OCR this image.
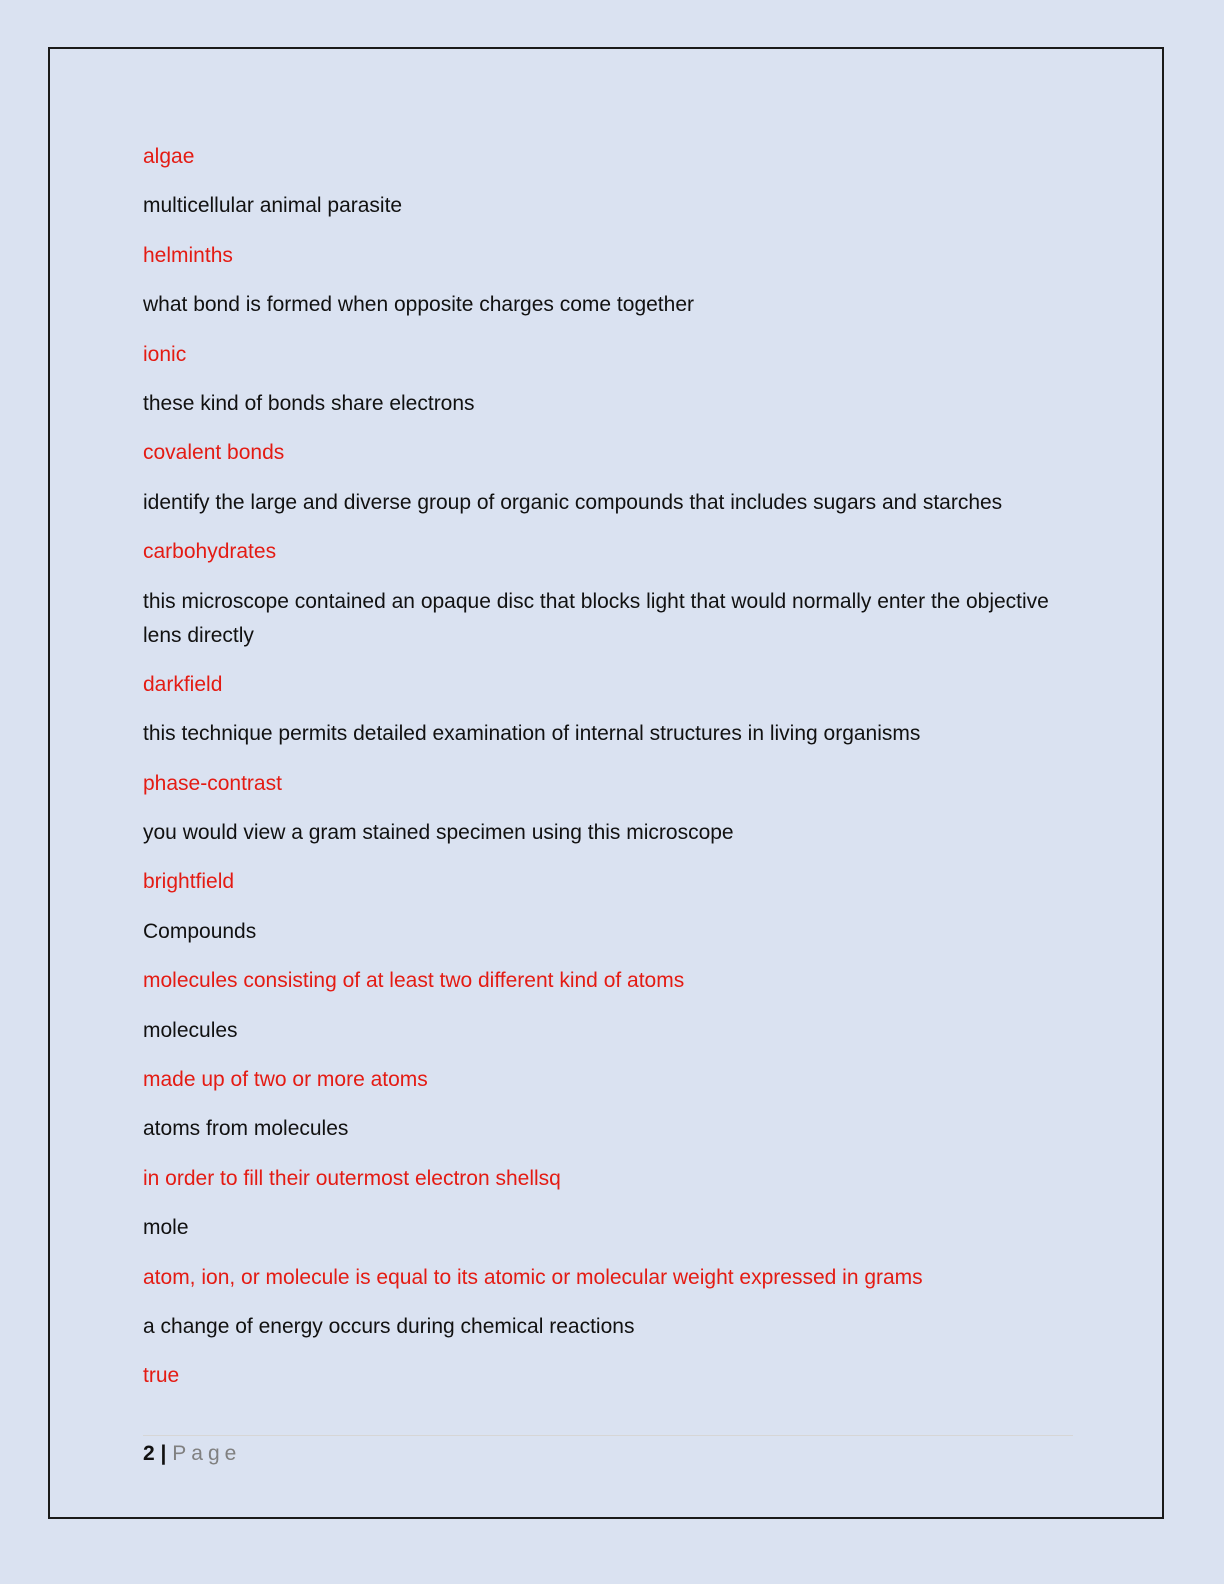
algae

multicellular animal parasite

helminths

what bond is formed when opposite charges come together

ionic

these kind of bonds share electrons

covalent bonds

identify the large and diverse group of organic compounds that includes sugars and starches

carbohydrates

this microscope contained an opaque disc that blocks light that would normally enter the objective lens directly

darkfield

this technique permits detailed examination of internal structures in living organisms

phase-contrast

you would view a gram stained specimen using this microscope

brightfield

Compounds

molecules consisting of at least two different kind of atoms

molecules

made up of two or more atoms

atoms from molecules

in order to fill their outermost electron shellsq

mole

atom, ion, or molecule is equal to its atomic or molecular weight expressed in grams

a change of energy occurs during chemical reactions

true

2 | Page
